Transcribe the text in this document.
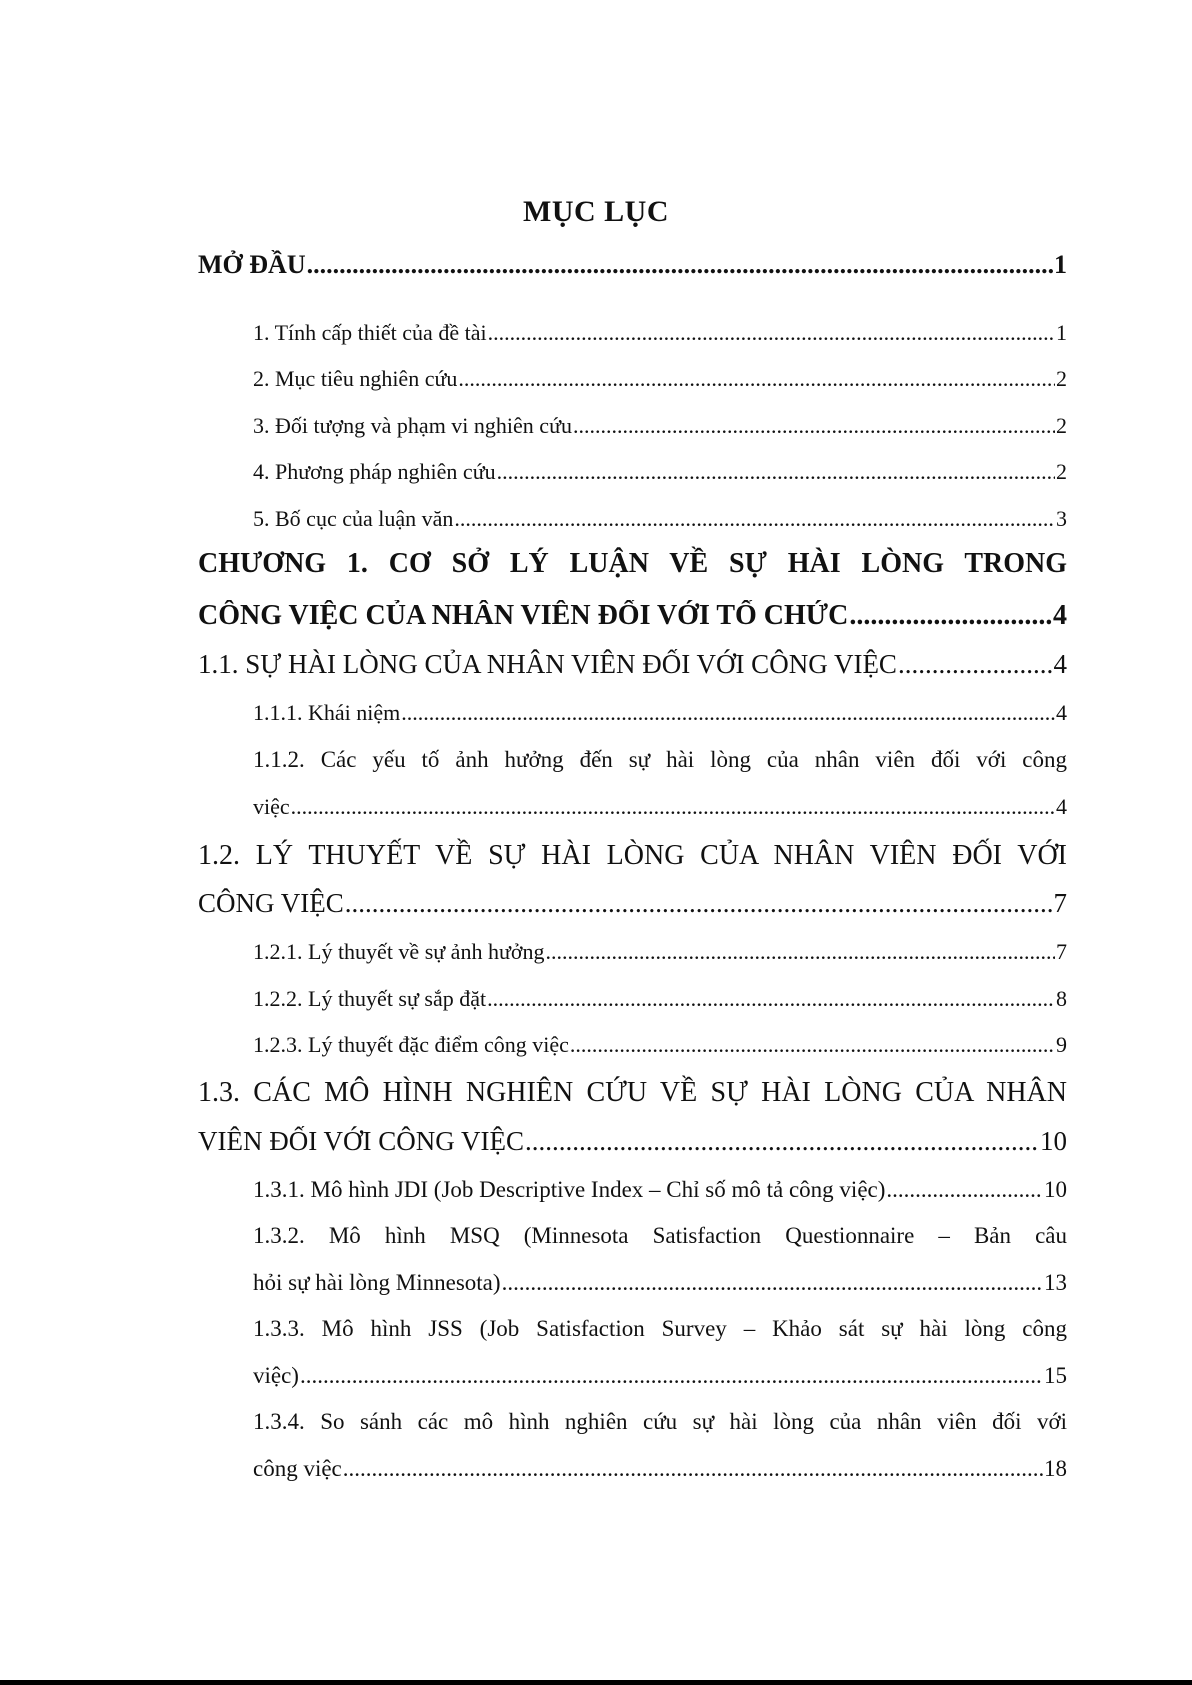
MỤC LỤC
MỞ ĐẦU .....	1
1. Tính cấp thiết của đề tài .....	1
2. Mục tiêu nghiên cứu .....	2
3. Đối tượng và phạm vi nghiên cứu .....	2
4. Phương pháp nghiên cứu .....	2
5. Bố cục của luận văn .....	3
CHƯƠNG 1. CƠ SỞ LÝ LUẬN VỀ SỰ HÀI LÒNG TRONG
CÔNG VIỆC CỦA NHÂN VIÊN ĐỐI VỚI TỔ CHỨC .....	4
1.1. SỰ HÀI LÒNG CỦA NHÂN VIÊN ĐỐI VỚI CÔNG VIỆC .....	4
1.1.1. Khái niệm .....	4
1.1.2. Các yếu tố ảnh hưởng đến sự hài lòng của nhân viên đối với công
việc .....	4
1.2. LÝ THUYẾT VỀ SỰ HÀI LÒNG CỦA NHÂN VIÊN ĐỐI VỚI
CÔNG VIỆC .....	7
1.2.1. Lý thuyết về sự ảnh hưởng .....	7
1.2.2. Lý thuyết sự sắp đặt .....	8
1.2.3. Lý thuyết đặc điểm công việc .....	9
1.3. CÁC MÔ HÌNH NGHIÊN CỨU VỀ SỰ HÀI LÒNG CỦA NHÂN
VIÊN ĐỐI VỚI CÔNG VIỆC .....	10
1.3.1. Mô hình JDI (Job Descriptive Index – Chỉ số mô tả công việc) .....	10
1.3.2. Mô hình MSQ (Minnesota Satisfaction Questionnaire – Bản câu
hỏi sự hài lòng Minnesota) .....	13
1.3.3. Mô hình JSS (Job Satisfaction Survey – Khảo sát sự hài lòng công
việc) .....	15
1.3.4. So sánh các mô hình nghiên cứu sự hài lòng của nhân viên đối với
công việc .....	18
